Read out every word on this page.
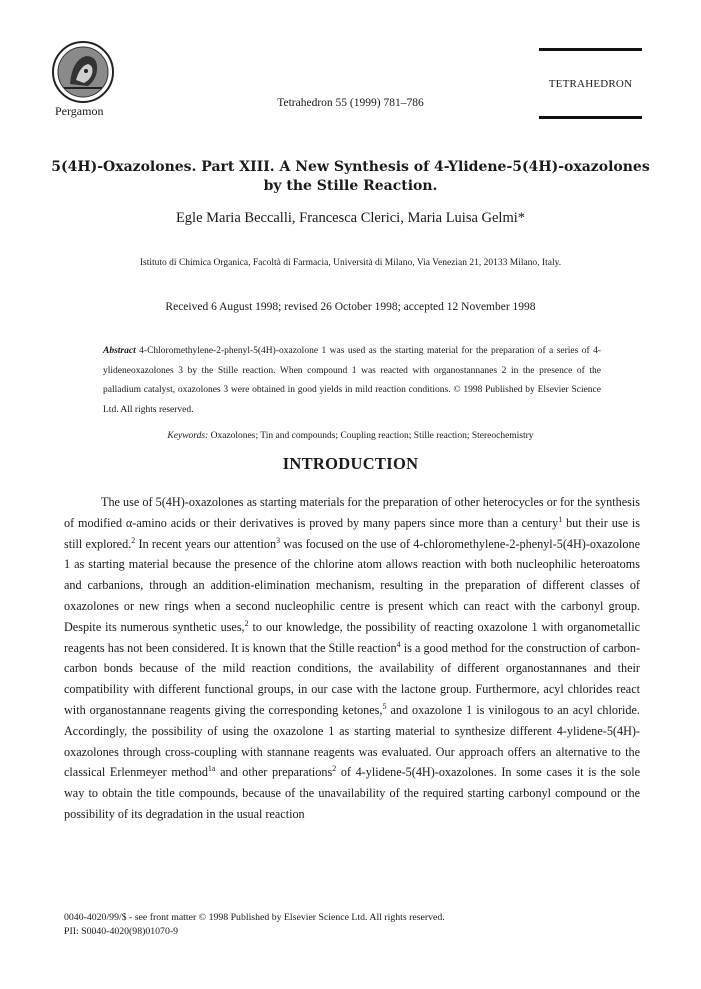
Pergamon
Tetrahedron 55 (1999) 781–786
TETRAHEDRON
5(4H)-Oxazolones. Part XIII. A New Synthesis of 4-Ylidene-5(4H)-oxazolones
by the Stille Reaction.
Egle Maria Beccalli, Francesca Clerici, Maria Luisa Gelmi*
Istituto di Chimica Organica, Facoltà di Farmacia, Università di Milano, Via Venezian 21, 20133 Milano, Italy.
Received 6 August 1998; revised 26 October 1998; accepted 12 November 1998
Abstract 4-Chloromethylene-2-phenyl-5(4H)-oxazolone 1 was used as the starting material for the preparation of a series of 4-ylideneoxazolones 3 by the Stille reaction. When compound 1 was reacted with organostannanes 2 in the presence of the palladium catalyst, oxazolones 3 were obtained in good yields in mild reaction conditions. © 1998 Published by Elsevier Science Ltd. All rights reserved.
Keywords: Oxazolones; Tin and compounds; Coupling reaction; Stille reaction; Stereochemistry
INTRODUCTION

The use of 5(4H)-oxazolones as starting materials for the preparation of other heterocycles or for the synthesis of modified α-amino acids or their derivatives is proved by many papers since more than a century$^1$ but their use is still explored.$^2$ In recent years our attention$^3$ was focused on the use of 4-chloromethylene-2-phenyl-5(4H)-oxazolone 1 as starting material because the presence of the chlorine atom allows reaction with both nucleophilic heteroatoms and carbanions, through an addition-elimination mechanism, resulting in the preparation of different classes of oxazolones or new rings when a second nucleophilic centre is present which can react with the carbonyl group. Despite its numerous synthetic uses,$^2$ to our knowledge, the possibility of reacting oxazolone 1 with organometallic reagents has not been considered. It is known that the Stille reaction$^4$ is a good method for the construction of carbon-carbon bonds because of the mild reaction conditions, the availability of different organostannanes and their compatibility with different functional groups, in our case with the lactone group. Furthermore, acyl chlorides react with organostannane reagents giving the corresponding ketones,$^5$ and oxazolone 1 is vinilogous to an acyl chloride. Accordingly, the possibility of using the oxazolone 1 as starting material to synthesize different 4-ylidene-5(4H)-oxazolones through cross-coupling with stannane reagents was evaluated. Our approach offers an alternative to the classical Erlenmeyer method$^{1a}$ and other preparations$^2$ of 4-ylidene-5(4H)-oxazolones. In some cases it is the sole way to obtain the title compounds, because of the unavailability of the required starting carbonyl compound or the possibility of its degradation in the usual reaction

0040-4020/99/$ - see front matter © 1998 Published by Elsevier Science Ltd. All rights reserved.
PII: S0040-4020(98)01070-9
